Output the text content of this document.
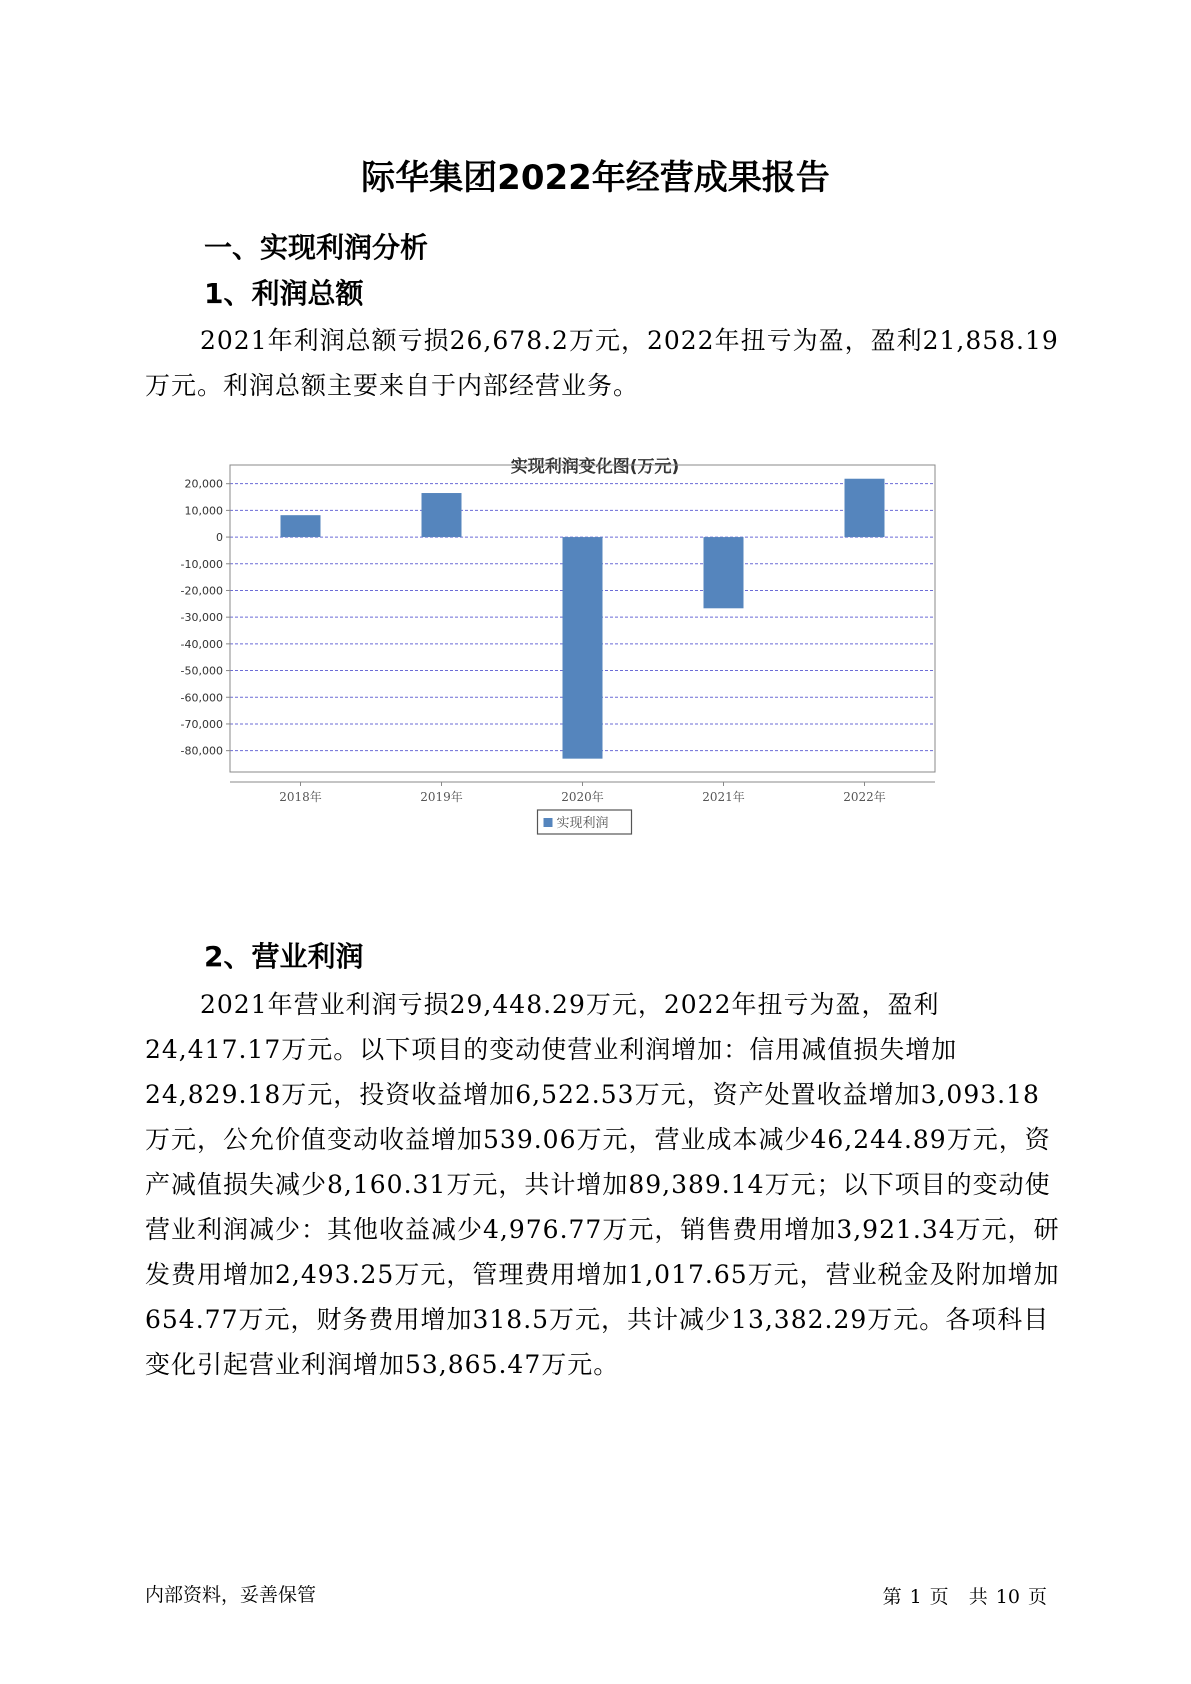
际华集团2022年经营成果报告
一、实现利润分析
1、利润总额

2021年利润总额亏损26,678.2万元，2022年扭亏为盈，盈利21,858.19万元。利润总额主要来自于内部经营业务。

实现利润变化图(万元)
20,000
10,000
0
-10,000
-20,000
-30,000
-40,000
-50,000
-60,000
-70,000
-80,000
2018年	2019年	2020年	2021年	2022年
实现利润
2、营业利润

2021年营业利润亏损29,448.29万元，2022年扭亏为盈，盈利24,417.17万元。以下项目的变动使营业利润增加：信用减值损失增加24,829.18万元，投资收益增加6,522.53万元，资产处置收益增加3,093.18万元，公允价值变动收益增加539.06万元，营业成本减少46,244.89万元，资产减值损失减少8,160.31万元，共计增加89,389.14万元；以下项目的变动使营业利润减少：其他收益减少4,976.77万元，销售费用增加3,921.34万元，研发费用增加2,493.25万元，管理费用增加1,017.65万元，营业税金及附加增加654.77万元，财务费用增加318.5万元，共计减少13,382.29万元。各项科目变化引起营业利润增加53,865.47万元。

内部资料，妥善保管	第 1 页 共 10 页
